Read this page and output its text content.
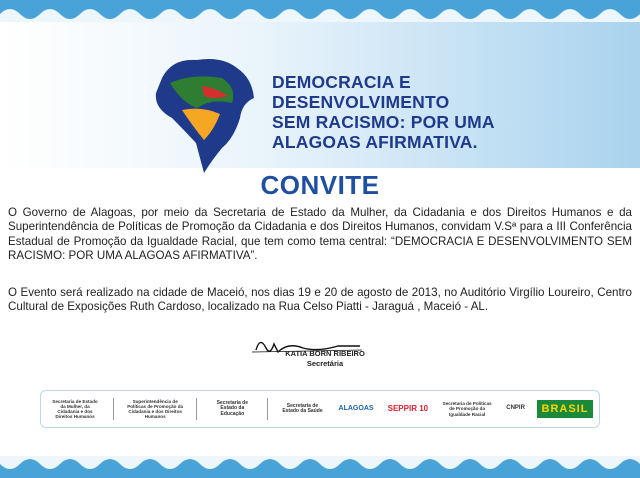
DEMOCRACIA E
DESENVOLVIMENTO
SEM RACISMO: POR UMA
ALAGOAS AFIRMATIVA.
CONVITE
O Governo de Alagoas, por meio da Secretaria de Estado da Mulher, da Cidadania e dos Direitos Humanos e da Superintendência de Políticas de Promoção da Cidadania e dos Direitos Humanos, convidam V.Sª para a III Conferência Estadual de Promoção da Igualdade Racial, que tem como tema central: “DEMOCRACIA E DESENVOLVIMENTO SEM RACISMO: POR UMA ALAGOAS AFIRMATIVA”.
O Evento será realizado na cidade de Maceió, nos dias 19 e 20 de agosto de 2013, no Auditório Virgílio Loureiro, Centro Cultural de Exposições Ruth Cardoso, localizado na Rua Celso Piatti - Jaraguá , Maceió - AL.
KATIA BORN RIBEIRO
Secretária
Secretaria de Estado da Mulher, da Cidadania e dos Direitos Humanos
Superintendência de Políticas de Promoção da Cidadania e dos Direitos Humanos
Secretaria de Estado da Educação
Secretaria de Estado da Saúde	ALAGOAS SEPPIR 10
Secretaria de Políticas de Promoção da Igualdade Racial
CNPIR	BRASIL
